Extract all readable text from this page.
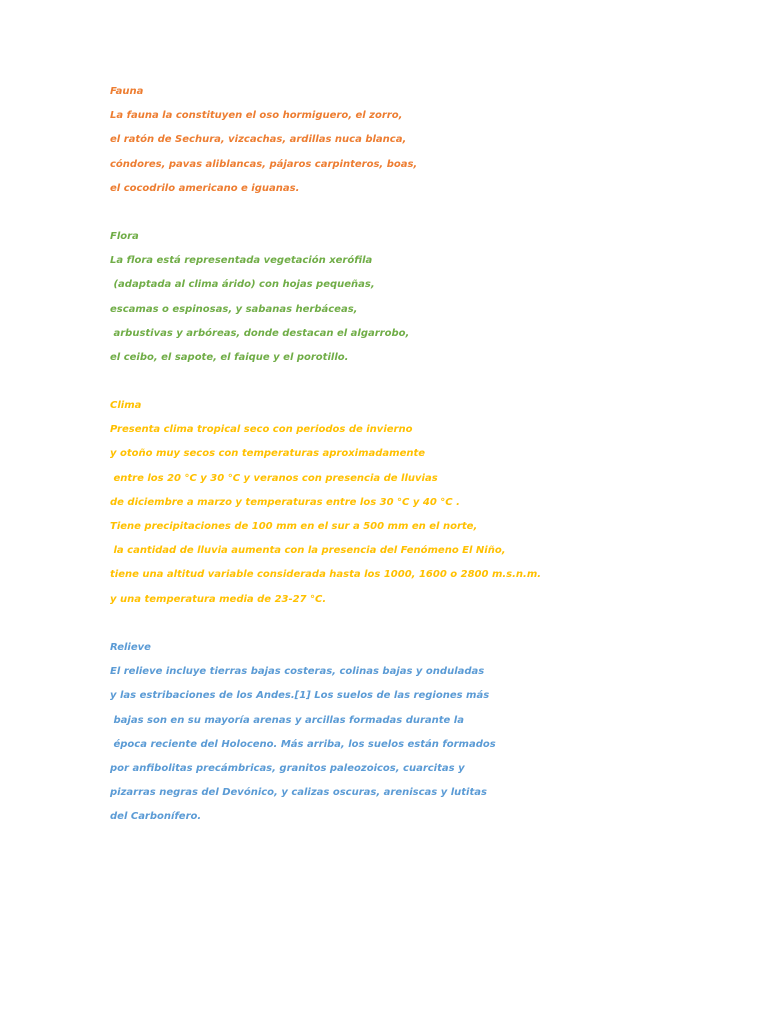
Fauna
La fauna la constituyen el oso hormiguero, el zorro,
el ratón de Sechura, vizcachas, ardillas nuca blanca,
cóndores, pavas aliblancas, pájaros carpinteros, boas,
el cocodrilo americano e iguanas.
Flora
La flora está representada vegetación xerófila
(adaptada al clima árido) con hojas pequeñas,
escamas o espinosas, y sabanas herbáceas,
arbustivas y arbóreas, donde destacan el algarrobo,
el ceibo, el sapote, el faique y el porotillo.
Clima
Presenta clima tropical seco con periodos de invierno
y otoño muy secos con temperaturas aproximadamente
entre los 20 °C y 30 °C y veranos con presencia de lluvias
de diciembre a marzo y temperaturas entre los 30 °C y 40 °C .
Tiene precipitaciones de 100 mm en el sur a 500 mm en el norte,
la cantidad de lluvia aumenta con la presencia del Fenómeno El Niño,
tiene una altitud variable considerada hasta los 1000, 1600 o 2800 m.s.n.m.
y una temperatura media de 23-27 °C.
Relieve
El relieve incluye tierras bajas costeras, colinas bajas y onduladas
y las estribaciones de los Andes.[1] Los suelos de las regiones más
bajas son en su mayoría arenas y arcillas formadas durante la
época reciente del Holoceno. Más arriba, los suelos están formados
por anfibolitas precámbricas, granitos paleozoicos, cuarcitas y
pizarras negras del Devónico, y calizas oscuras, areniscas y lutitas
del Carbonífero.
